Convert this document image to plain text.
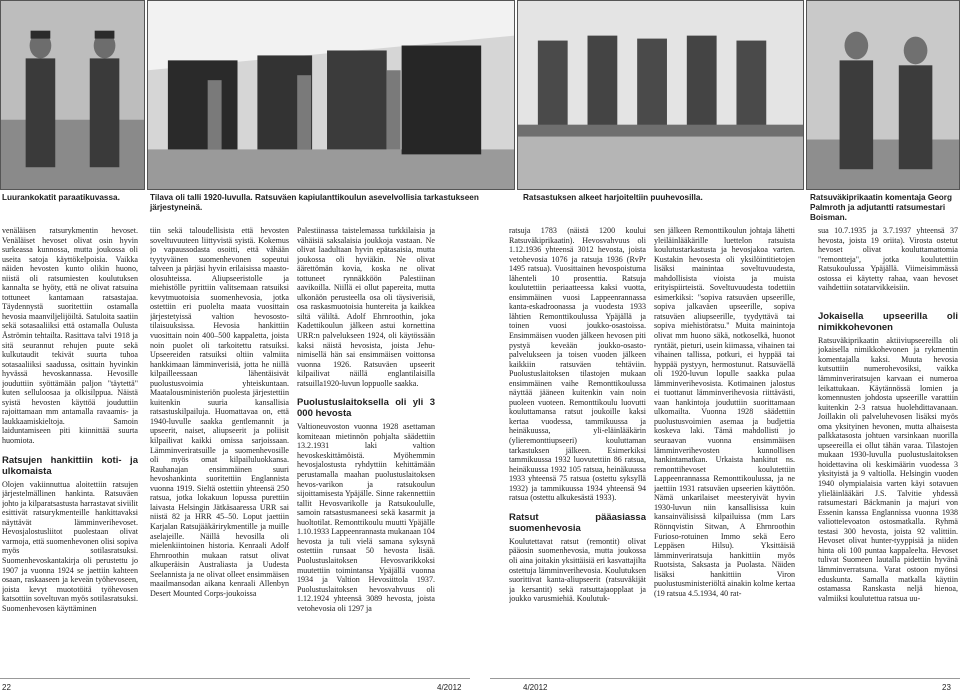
Luurankokatit paraatikuvassa.	Tilava oli talli 1920-luvulla. Ratsuväen kapiulanttikoulun asevelvollisia tarkastukseen järjestyneinä.
Ratsastuksen alkeet harjoiteltiin puuhevosilla.	Ratsuväkiprikaatin komentaja Georg Palmroth ja adjutantti ratsumestari Boisman.

venäläisen ratsurykmentin hevoset. Venäläiset hevoset olivat osin hyvin surkeassa kunnossa, mutta joukossa oli useita satoja käyttökelpoisia. Vaikka näiden hevosten kunto olikin huono, niistä oli ratsumiesten koulutuksen kannalta se hyöty, että ne olivat ratsuina tottuneet kantamaan ratsastajaa. Täydennystä suoritettiin ostamalla hevosia maanviljelijöiltä. Satuloita saatiin sekä sotasaaliiksi että ostamalla Oulusta Åströmin tehtailta. Rasittava talvi 1918 ja sitä seurannut rehujen puute sekä kulkutaudit tekivät suurta tuhoa sotasaaliiksi saadussa, osittain hyvinkin hyvässä hevoskannassa. Hevosille jouduttiin syöttämään paljon "täytettä" kuten selluloosaa ja olkisilppua. Näistä syistä hevosten käyttöä jouduttiin rajoittamaan mm antamalla ravaamis- ja laukkaamiskieltoja. Samoin laiduntamiseen piti kiinnittää suurta huomiota.

Ratsujen hankittiin koti- ja ulkomaista

Olojen vakiinnuttua aloitettiin ratsujen järjestelmällinen hankinta. Ratsuväen johto ja kilparatsastusta harrastavat siviilit esittivät ratsurykmenteille hankittavaksi näyttävät lämminverihevoset. Hevosjalostusliitot puolestaan olivat varmoja, että suomenhevonen olisi sopiva myös sotilasratsuksi. Suomenhevoskantakirja oli perustettu jo 1907 ja vuonna 1924 se jaettiin kahteen osaan, raskaaseen ja keveän työhevoseen, joista kevyt muototöitä työhevosen katsottiin soveltuvan myös sotilasratsuksi. Suomenhevosen käyttäminen

tiin sekä taloudellisista että hevosten soveltuvuuteen liittyvistä syistä. Kokemus jo vapaussodasta osoitti, että vähään tyytyväinen suomenhevonen sopeutui talveen ja pärjäsi hyvin erilaisissa maasto-olosuhteissa. Aliupseeristolle ja miehistölle pyrittiin valitsemaan ratsuiksi kevytmuotoisia suomenhevosia, jotka ostettiin eri puolelta maata vuosittain järjestetyissä valtion hevososto-tilaisuuksissa. Hevosia hankittiin vuosittain noin 400–500 kappaletta, joista noin puolet oli tarkoitettu ratsuiksi. Upseereiden ratsuiksi oltiin valmiita hankkimaan lämminverisiä, jotta he niillä kilpailleessaan lähentäisivät puolustusvoimia yhteiskuntaan. Maatalousministeriön puolesta järjestettiin kuitenkin suuria kansallisia ratsastuskilpailuja. Huomattavaa on, että 1940-luvulle saakka gentlemannit ja upseerit, naiset, aliupseerit ja poliisit kilpailivat kaikki omissa sarjoissaan. Lämminveriratsuille ja suomenhevosille oli myös omat kilpailuluokkansa. Rauhanajan ensimmäinen suuri hevoshankinta suoritettiin Englannista vuonna 1919. Sieltä ostettiin yhteensä 250 ratsua, jotka lokakuun lopussa purettiin laivasta Helsingin Jätkäsaaressa URR sai niistä 82 ja HRR 45–50. Loput jaettiin Karjalan Ratsujääkärirykmentille ja muille aselajeille. Näillä hevosilla oli mielenkiintoinen historia. Kenraali Adolf Ehrnroothin mukaan ratsut olivat alkuperäisin Australiasta ja Uudesta Seelannista ja ne olivat olleet ensimmäisen maailmansodan aikana kenraali Allenbyn Desert Mounted Corps-joukoissa

Palestiinassa taistelemassa turkkilaisia ja vähäisiä saksalaisia joukkoja vastaan. Ne olivat laadultaan hyvin epätasaisia, mutta joukossa oli hyviäkin. Ne olivat äärettömän kovia, koska ne olivat tottuneet rynnäkköön Palestiinan aavikoilla. Niillä ei ollut papereita, mutta ulkonäön perusteella osa oli täysiverisiä, osa raskasmuotoisia huntereita ja kaikkea siltä väliltä. Adolf Ehrnroothin, joka Kadettikoulun jälkeen astui kornettina URR:n palvelukseen 1924, oli käytössään kaksi näistä hevosista, joista Jehu-nimisellä hän sai ensimmäisen voittonsa vuonna 1926. Ratsuväen upseerit kilpailivat näillä englantilaisilla ratsuilla1920-luvun loppuolle saakka.

Puolustuslaitoksella oli yli 3 000 hevosta

Valtioneuvoston vuonna 1928 asettaman komiteaan mietinnön pohjalta säädettiin 13.2.1931 laki valtion hevoskeskittämöistä. Myöhemmin hevosjalostusta ryhdyttiin kehittämään perustamalla maahan puolustuslaitoksen hevos-varikon ja ratsukoulun sijoittamisesta Ypäjälle. Sinne rakennettiin tallit Hevosvarikolle ja Ratsukoululle, samoin ratsastusmaneesi sekä kasarmit ja huoltotilat. Remonttikoulu muutti Ypäjälle 1.10.1933 Lappeenrannasta mukanaan 104 hevosta ja tuli vielä samana syksynä ostettiin runsaat 50 hevosta lisää. Puolustuslaitoksen Hevosvarikkoksi muutettiin toimintansa Ypäjällä vuonna 1934 ja Valtion Hevosiittola 1937. Puolustuslaitoksen hevosvahvuus oli 1.12.1924 yhteensä 3089 hevosta, joista vetohevosia oli 1297 ja

ratsuja 1783 (näistä 1200 koului Ratsuväkiprikaatin). Hevosvahvuus oli 1.12.1936 yhteensä 3012 hevosta, joista vetohevosia 1076 ja ratsuja 1936 (RvPr 1495 ratsua). Vuosittainen hevospoistuma lähenteli 10 prosenttia. Ratsuja koulutettiin periaatteessa kaksi vuotta, ensimmäinen vuosi Lappeenrannassa kanta-eskadroonassa ja vuodesta 1933 lähtien Remonttikoulussa Ypäjällä ja toinen vuosi joukko-osastoissa. Ensimmäisen vuoden jälkeen hevosen piti pystyä keveään joukko-osasto-palvelukseen ja toisen vuoden jälkeen kaikkiin ratsuväen tehtäviin. Puolustuslaitoksen tilastojen mukaan ensimmäinen vaihe Remonttikoulussa näyttää jääneen kuitenkin vain noin puoleen vuoteen. Remonttikoulu luovutti kouluttamansa ratsut joukoille kaksi kertaa vuodessa, tammikuussa ja heinäkuussa, yli-eläinlääkärin (ylieremonttiupseeri) kouluttaman tarkastuksen jälkeen. Esimerkiksi tammikuussa 1932 luovutettiin 86 ratsua, heinäkuussa 1932 105 ratsua, heinäkuussa 1933 yhteensä 75 ratsua (ostettu syksyllä 1932) ja tammikuussa 1934 yhteensä 94 ratsua (ostettu alkukesästä 1933).

Ratsut pääasiassa suomenhevosia

Koulutettavat ratsut (remontit) olivat pääosin suomenhevosia, mutta joukossa oli aina joitakin yksittäisiä eri kasvattajilta ostettuja lämminverihevosia. Koulutuksen suorittivat kanta-aliupseerit (ratsuväkijät ja kersantit) sekä ratsuttajaopplaat ja joukko varusmiehiä. Koulutuk-

sen jälkeen Remonttikoulun johtaja lähetti yleiläinlääkärille luettelon ratsuista koulutustarkastusta ja hevosjakoa varten. Kustakin hevosesta oli yksilöintitietojen lisäksi mainintaa soveltuvuudesta, mahdollisista vioista ja muista erityispiirteistä. Soveltuvuudesta todettiin esimerkiksi: "sopiva ratsuväen upseerille, sopiva jalkaväen upseerille, sopiva ratsuväen aliupseerille, tyydyttävä tai sopiva miehistöratsu." Muita mainintoja olivat mm huono säkä, notkoselkä, huonot ryntäät, pieturi, usein kiimassa, vihainen tai vihainen tallissa, potkuri, ei hyppää tai hyppää pystyyn, hermostunut. Ratsuväellä oli 1920-luvun lopulle saakka pulaa lämminverihevosista. Kotimainen jalostus ei tuottanut lämminverihevosia riittävästi, vaan hankintoja jouduttiin suorittamaan ulkomailta. Vuonna 1928 säädettiin puolustusvoimien asemaa ja budjettia koskeva laki. Tämä mahdollisti jo seuraavan vuonna ensimmäisen lämminverihevosten kunnollisen hankintamatkan. Urkaista hankitut ns. remonttihevoset koulutettiin Lappeenrannassa Remonttikoulussa, ja ne jaettiin 1931 ratsuväen upseerien käyttöön. Nämä unkarilaiset meesteryivät hyvin 1930-luvun niin kansallisissa kuin kansainvälisissä kilpailuissa (mm Lars Rönnqvistin Sitwan, A Ehrnroothin Furioso-rotuinen Immo sekä Eero Leppäsen Hilsu). Yksittäisiä lämminveriratsuja hankittiin myös Ruotsista, Saksasta ja Puolasta. Näiden lisäksi hankittiin Viron puolustusministeriöltä ainakin kolme kertaa (19 ratsua 4.5.1934, 40 rat-

sua 10.7.1935 ja 3.7.1937 yhteensä 37 hevosta, joista 19 oriita). Virosta ostetut hevoset olivat kouluttamattomia "remontteja", jotka koulutettiin Ratsukoulussa Ypäjällä. Viimeisimmässä ostossa ei käytetty rahaa, vaan hevoset vaihdettiin sotatarvikkeisiin.

Jokaisella upseerilla oli nimikkohevonen

Ratsuväkiprikaatin aktiiviupseereilla oli jokaisella nimikkohevonen ja rykmentin komentajalla kaksi. Muuta hevosia kutsuttiin numerohevosiksi, vaikka lämminveriratsujen karvaan ei numeroa leikattukaan. Käytännössä lomien ja komennusten johdosta upseerille varattiin kuitenkin 2-3 ratsua huolehdittavanaan. Joillakin oli palveluhevosen lisäksi myös oma yksityinen hevonen, mutta alhaisesta palkkatasosta johtuen varsinkaan nuorilla upseereilla ei ollut tähän varaa. Tilastojen mukaan 1930-luvulla puolustuslaitoksen hoidettavina oli keskimäärin vuodessa 3 yksityistä ja 9 valtiolla. Helsingin vuoden 1940 olympialaisia varten käyi sotavuen ylieläinlääkäri J.S. Talvitie yhdessä ratsumestari Bäckmanin ja majuri von Essenin kanssa Englannissa vuonna 1938 valiottelevoaton ostosmatkalla. Ryhmä testasi 300 hevosta, joista 92 valittiin. Hevoset olivat hunter-tyyppisiä ja niiden hinta oli 100 puntaa kappaleelta. Hevoset tulivat Suomeen lautalla pidettiin hyvänä lämminverratsuna. Varat ostoon myönsi eduskunta. Samalla matkalla käytiin ostamassa Ranskasta neljä hienoa, valmiiksi koulutettua ratsua uu-

22	4/2012	4/2012	23
